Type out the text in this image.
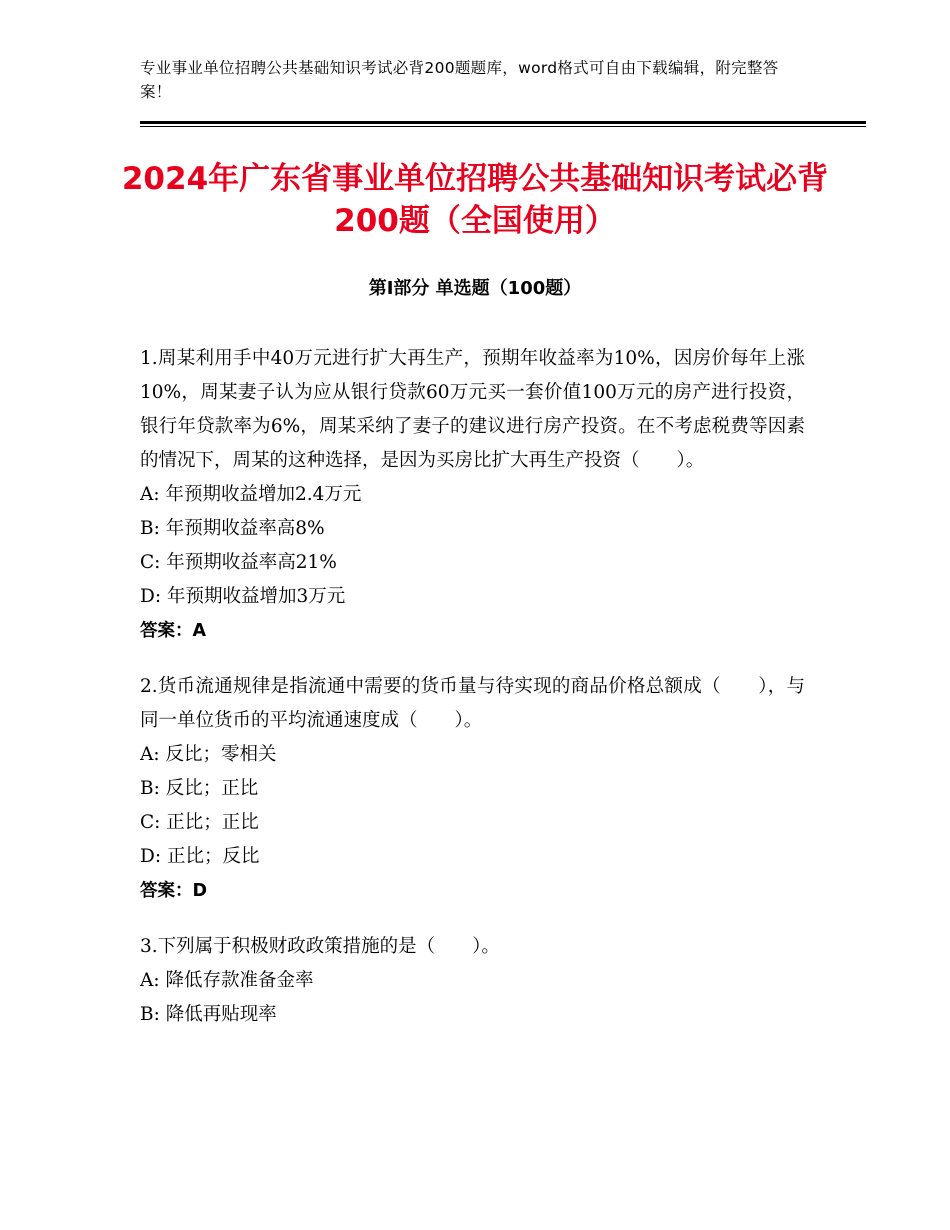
专业事业单位招聘公共基础知识考试必背200题题库，word格式可自由下载编辑，附完整答案！
2024年广东省事业单位招聘公共基础知识考试必背200题（全国使用）
第Ⅰ部分 单选题（100题）

1.周某利用手中40万元进行扩大再生产，预期年收益率为10%，因房价每年上涨10%，周某妻子认为应从银行贷款60万元买一套价值100万元的房产进行投资，银行年贷款率为6%，周某采纳了妻子的建议进行房产投资。在不考虑税费等因素的情况下，周某的这种选择，是因为买房比扩大再生产投资（　　）。

A: 年预期收益增加2.4万元

B: 年预期收益率高8%

C: 年预期收益率高21%

D: 年预期收益增加3万元

答案：A

2.货币流通规律是指流通中需要的货币量与待实现的商品价格总额成（　　），与同一单位货币的平均流通速度成（　　）。

A: 反比；零相关

B: 反比；正比

C: 正比；正比

D: 正比；反比

答案：D

3.下列属于积极财政政策措施的是（　　）。

A: 降低存款准备金率

B: 降低再贴现率
